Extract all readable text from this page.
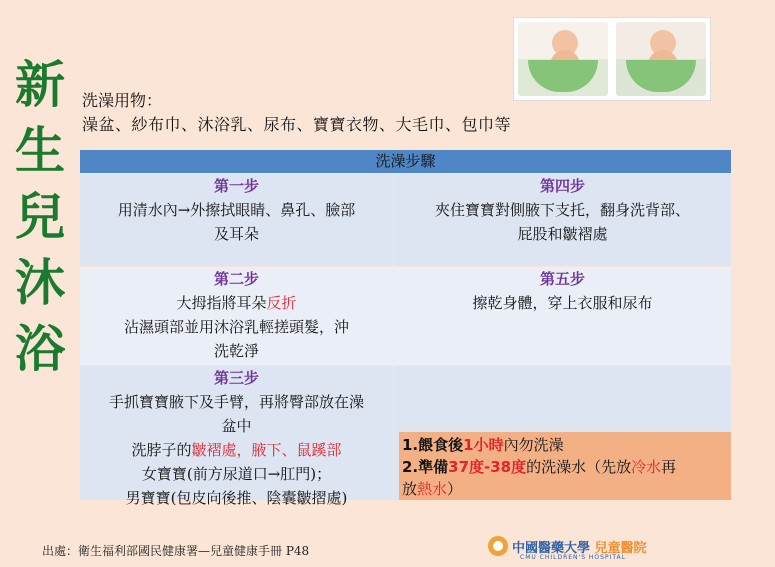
新
生
兒
沐
浴
洗澡用物：
澡盆、紗布巾、沐浴乳、尿布、寶寶衣物、大毛巾、包巾等
洗澡步驟
第一步
用清水內→外擦拭眼睛、鼻孔、臉部
及耳朵
第四步
夾住寶寶對側腋下支托，翻身洗背部、
屁股和皺褶處
第二步
大拇指將耳朵反折
沾濕頭部並用沐浴乳輕搓頭髮，沖
洗乾淨
第五步
擦乾身體，穿上衣服和尿布
第三步
手抓寶寶腋下及手臂，再將臀部放在澡
盆中
洗脖子的皺褶處，腋下、鼠蹊部
女寶寶(前方尿道口→肛門)；
男寶寶(包皮向後推、陰囊皺摺處)
1.餵食後1小時內勿洗澡
2.準備37度-38度的洗澡水（先放冷水再
放熱水）
出處：衛生福利部國民健康署—兒童健康手冊 P48	中國醫藥大學 兒童醫院
CMU CHILDREN'S HOSPITAL
